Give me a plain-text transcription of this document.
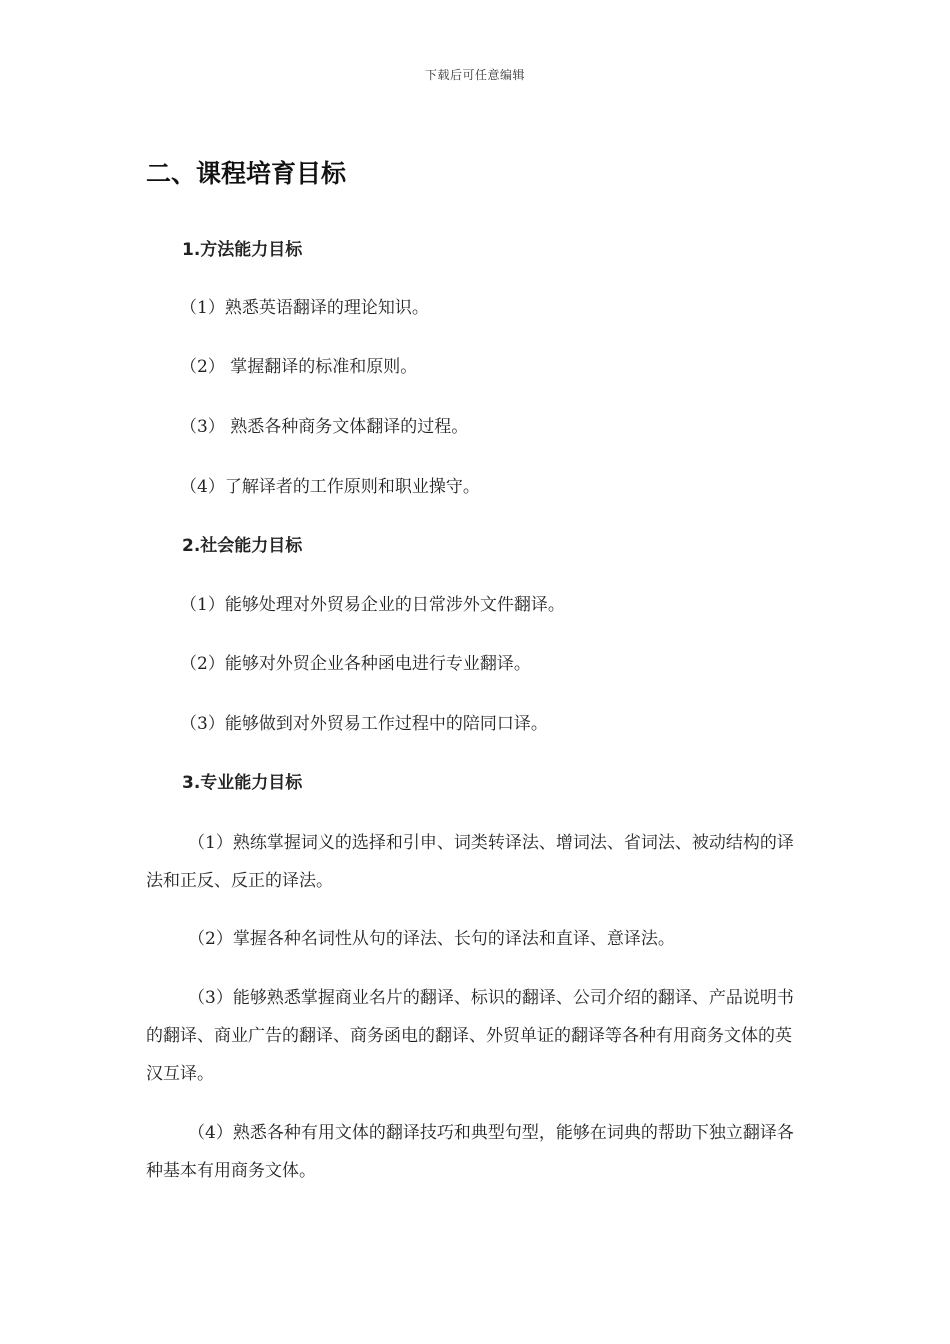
下载后可任意编辑
二、课程培育目标
1.方法能力目标
（1）熟悉英语翻译的理论知识。
（2） 掌握翻译的标准和原则。
（3） 熟悉各种商务文体翻译的过程。
（4）了解译者的工作原则和职业操守。
2.社会能力目标
（1）能够处理对外贸易企业的日常涉外文件翻译。
（2）能够对外贸企业各种函电进行专业翻译。
（3）能够做到对外贸易工作过程中的陪同口译。
3.专业能力目标
（1）熟练掌握词义的选择和引申、词类转译法、增词法、省词法、被动结构的译法和正反、反正的译法。
（2）掌握各种名词性从句的译法、长句的译法和直译、意译法。
（3）能够熟悉掌握商业名片的翻译、标识的翻译、公司介绍的翻译、产品说明书的翻译、商业广告的翻译、商务函电的翻译、外贸单证的翻译等各种有用商务文体的英汉互译。
（4）熟悉各种有用文体的翻译技巧和典型句型，能够在词典的帮助下独立翻译各种基本有用商务文体。
